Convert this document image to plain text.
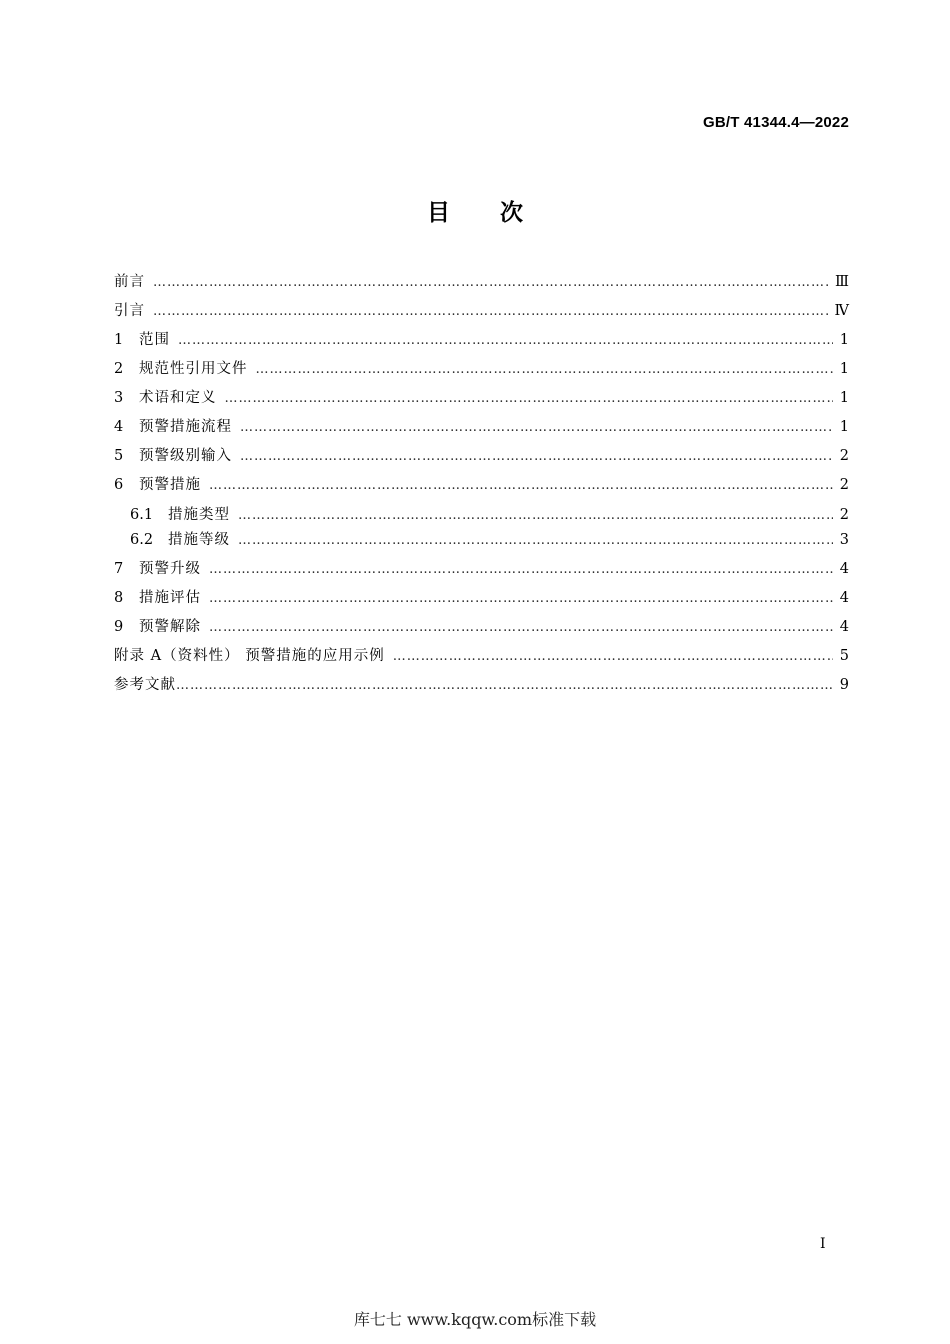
GB/T 41344.4—2022
目次
前言 …………………………………………………………………………………………………………………………………………………………………………………………	Ⅲ
引言 …………………………………………………………………………………………………………………………………………………………………………………………	Ⅳ
1	范围 …………………………………………………………………………………………………………………………………………………………………………………………	1
2	规范性引用文件 …………………………………………………………………………………………………………………………………………………………………………………………	1
3	术语和定义 …………………………………………………………………………………………………………………………………………………………………………………………	1
4	预警措施流程 …………………………………………………………………………………………………………………………………………………………………………………………	1
5	预警级别输入 …………………………………………………………………………………………………………………………………………………………………………………………	2
6	预警措施 …………………………………………………………………………………………………………………………………………………………………………………………	2
6.1	措施类型 …………………………………………………………………………………………………………………………………………………………………………………………	2
6.2	措施等级 …………………………………………………………………………………………………………………………………………………………………………………………	3
7	预警升级 …………………………………………………………………………………………………………………………………………………………………………………………	4
8	措施评估 …………………………………………………………………………………………………………………………………………………………………………………………	4
9	预警解除 …………………………………………………………………………………………………………………………………………………………………………………………	4
附录 A（资料性） 预警措施的应用示例 …………………………………………………………………………………………………………………………………………………………………………………………	5
参考文献 …………………………………………………………………………………………………………………………………………………………………………………………	9
I
库七七 www.kqqw.com标准下载
